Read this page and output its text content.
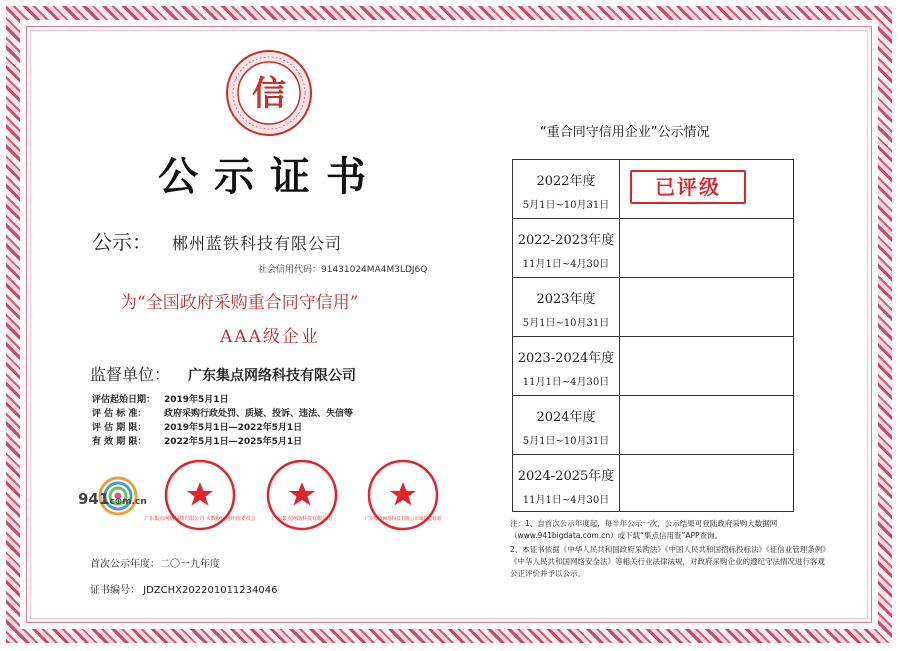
信
公示证书
公示： 郴州蓝铁科技有限公司
社会信用代码：91431024MA4M3LDJ6Q
为“全国政府采购重合同守信用”
AAA级企业
监督单位： 广东集点网络科技有限公司
评估起始日期： 2019年5月1日
评 估 标 准： 政府采购行政处罚、质疑、投诉、违法、失信等
评 估 期 限： 2019年5月1日—2022年5月1日
有 效 期 限： 2022年5月1日—2025年5月1日
941c⊕m.cn
广东集点网络科技有限公司 大数据信用评价委员会	广东集点网络科技有限公司	广东集点网络科技有限公司诚信监督部
首次公示年度：二〇一九年度
证书编号： JDZCHX202201011234046
“重合同守信用企业”公示情况
2022年度
5月1日~10月31日
2022-2023年度
11月1日~4月30日
2023年度
5月1日~10月31日
2023-2024年度
11月1日~4月30日
2024年度
5月1日~10月31日
2024-2025年度
11月1日~4月30日
已评级

注：1、自首次公示年度起，每半年公示一次，公示结果可登陆政府采购大数据网（www.941bigdata.com.cn）或下载“集点信用查”APP查询。

2、本证书依据《中华人民共和国政府采购法》《中国人民共和国招标投标法》《征信业管理条例》《中华人民共和国网络安全法》等相关行业法律法规，对政府采购企业的遵纪守法情况进行客观公正评价并予以公示。
